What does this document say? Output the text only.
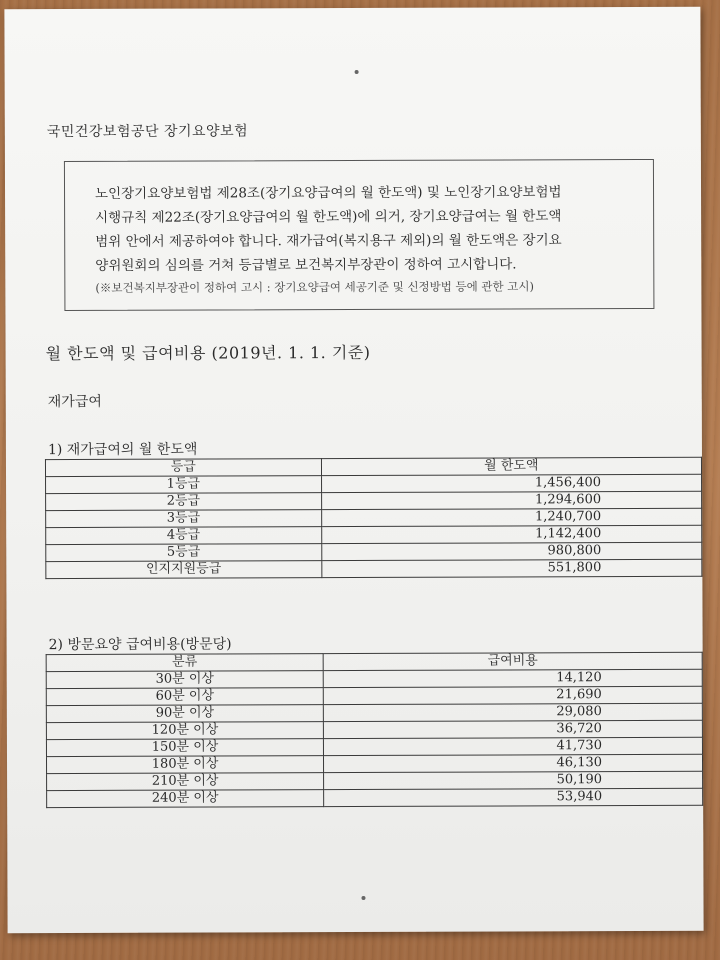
국민건강보험공단 장기요양보험

노인장기요양보험법 제28조(장기요양급여의 월 한도액) 및 노인장기요양보험법

시행규칙 제22조(장기요양급여의 월 한도액)에 의거, 장기요양급여는 월 한도액

범위 안에서 제공하여야 합니다. 재가급여(복지용구 제외)의 월 한도액은 장기요

양위원회의 심의를 거쳐 등급별로 보건복지부장관이 정하여 고시합니다.

(※보건복지부장관이 정하여 고시 : 장기요양급여 세공기준 및 신정방법 등에 관한 고시)

월 한도액 및 급여비용 (2019년. 1. 1. 기준)
재가급여
1) 재가급여의 월 한도액
등급	월 한도액
1등급	1,456,400
2등급	1,294,600
3등급	1,240,700
4등급	1,142,400
5등급	980,800
인지지원등급	551,800
2) 방문요양 급여비용(방문당)
분류	급여비용
30분 이상	14,120
60분 이상	21,690
90분 이상	29,080
120분 이상	36,720
150분 이상	41,730
180분 이상	46,130
210분 이상	50,190
240분 이상	53,940
